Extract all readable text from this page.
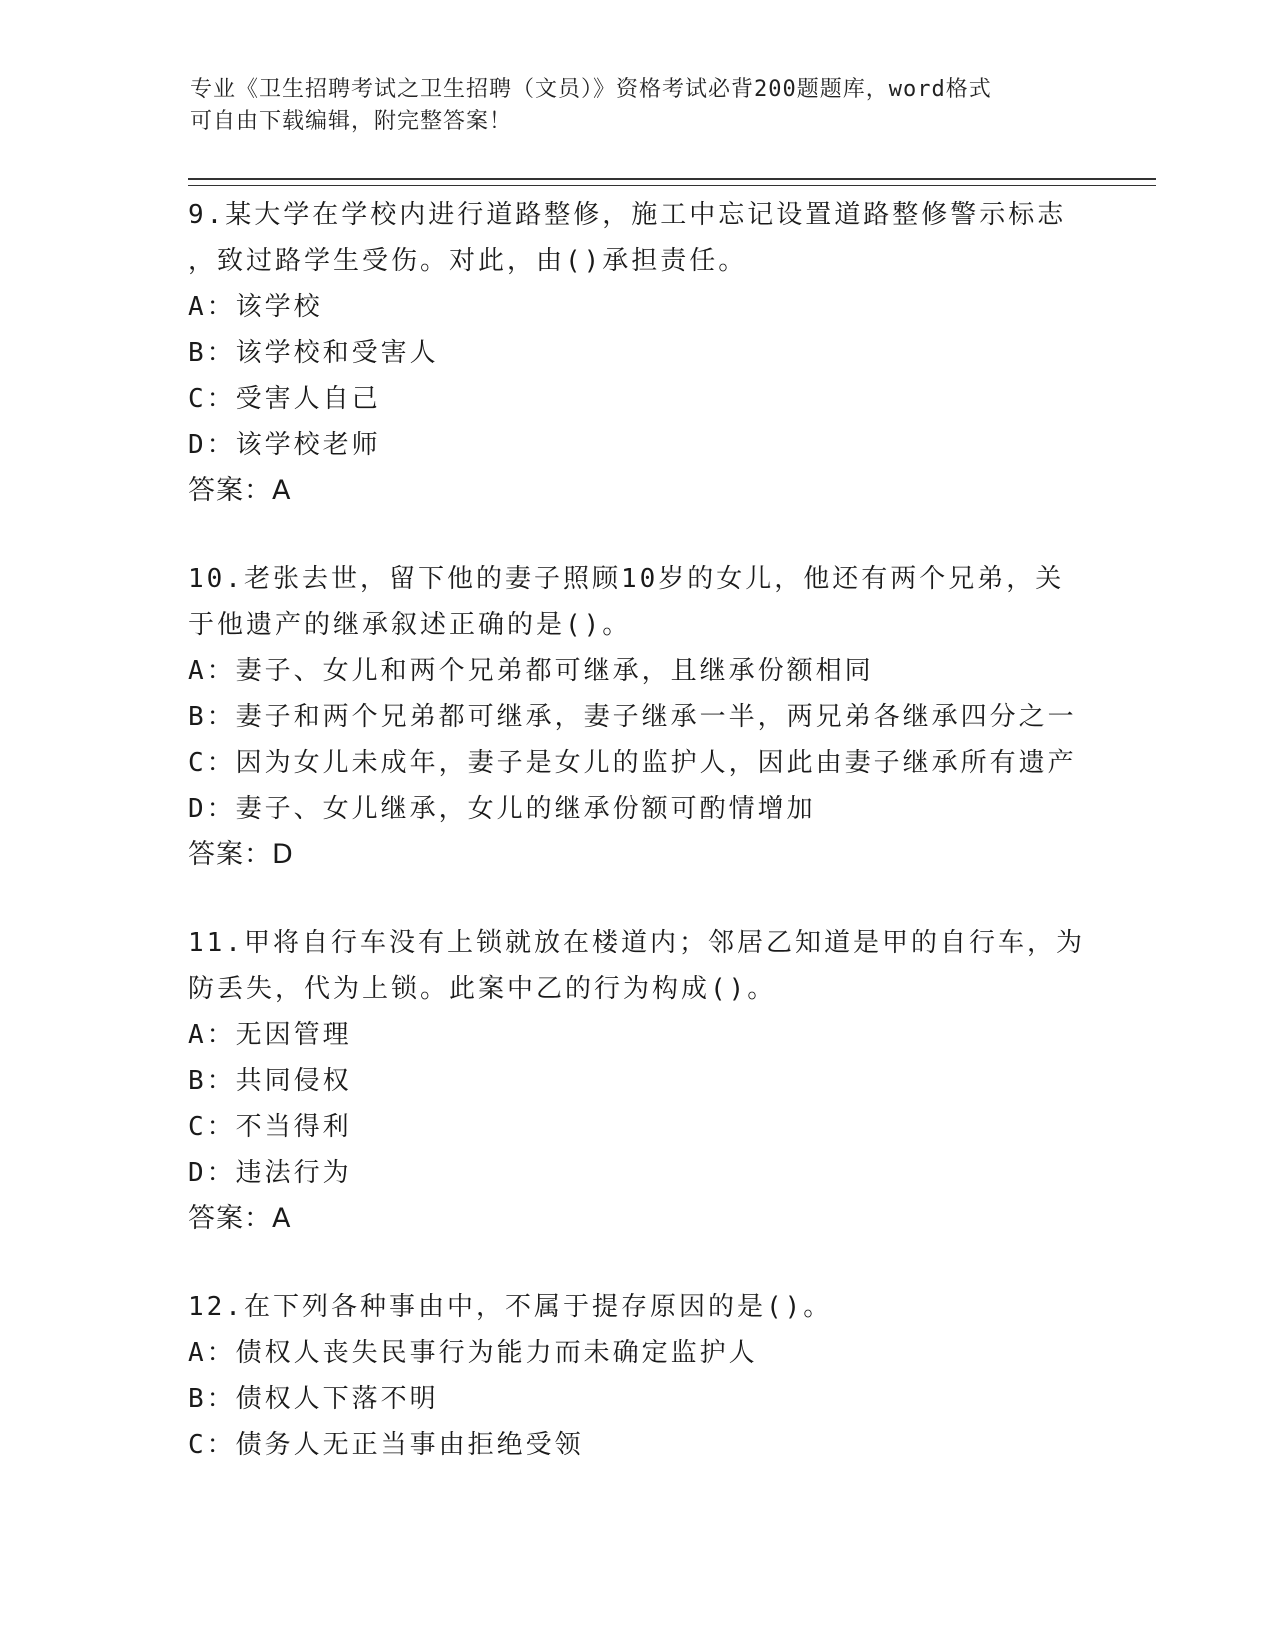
专业《卫生招聘考试之卫生招聘（文员）》资格考试必背200题题库，word格式
可自由下载编辑，附完整答案！

9.某大学在学校内进行道路整修，施工中忘记设置道路整修警示标志

，致过路学生受伤。对此，由()承担责任。

A：该学校

B：该学校和受害人

C：受害人自己

D：该学校老师

答案：A

10.老张去世，留下他的妻子照顾10岁的女儿，他还有两个兄弟，关

于他遗产的继承叙述正确的是()。

A：妻子、女儿和两个兄弟都可继承，且继承份额相同

B：妻子和两个兄弟都可继承，妻子继承一半，两兄弟各继承四分之一

C：因为女儿未成年，妻子是女儿的监护人，因此由妻子继承所有遗产

D：妻子、女儿继承，女儿的继承份额可酌情增加

答案：D

11.甲将自行车没有上锁就放在楼道内；邻居乙知道是甲的自行车，为

防丢失，代为上锁。此案中乙的行为构成()。

A：无因管理

B：共同侵权

C：不当得利

D：违法行为

答案：A

12.在下列各种事由中，不属于提存原因的是()。

A：债权人丧失民事行为能力而未确定监护人

B：债权人下落不明

C：债务人无正当事由拒绝受领
